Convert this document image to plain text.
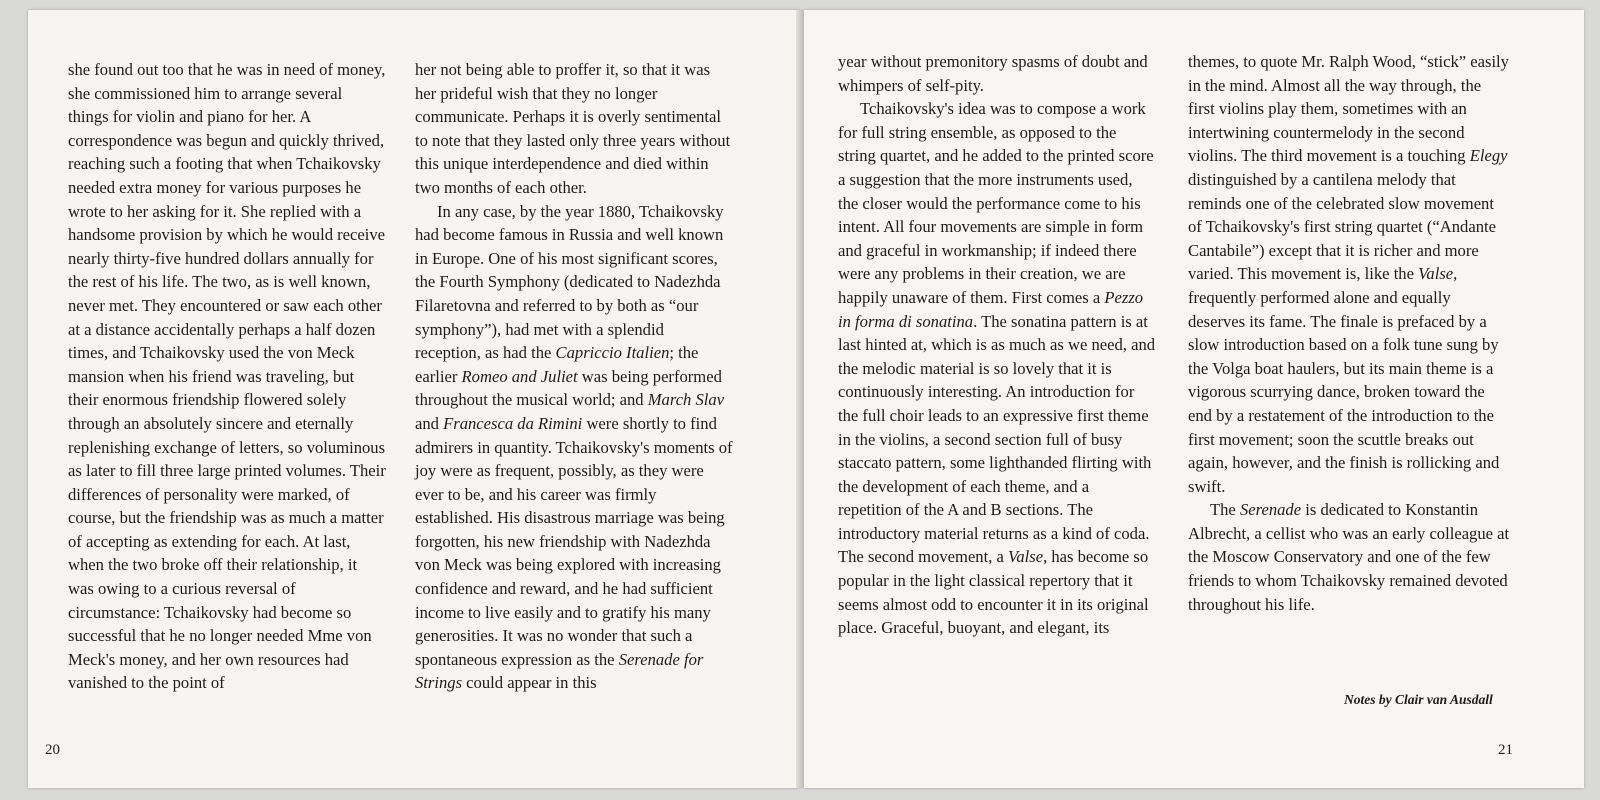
she found out too that he was in need of money, she commissioned him to arrange several things for violin and piano for her. A correspondence was begun and quickly thrived, reaching such a footing that when Tchaikovsky needed extra money for various purposes he wrote to her asking for it. She replied with a handsome provision by which he would receive nearly thirty-five hundred dollars annually for the rest of his life. The two, as is well known, never met. They encountered or saw each other at a distance accidentally perhaps a half dozen times, and Tchaikovsky used the von Meck mansion when his friend was traveling, but their enormous friendship flowered solely through an absolutely sincere and eternally replenishing exchange of letters, so voluminous as later to fill three large printed volumes. Their differences of personality were marked, of course, but the friendship was as much a matter of accepting as extending for each. At last, when the two broke off their relationship, it was owing to a curious reversal of circumstance: Tchaikovsky had become so successful that he no longer needed Mme von Meck's money, and her own resources had vanished to the point of

her not being able to proffer it, so that it was her prideful wish that they no longer communicate. Perhaps it is overly sentimental to note that they lasted only three years without this unique interdependence and died within two months of each other.

In any case, by the year 1880, Tchaikovsky had become famous in Russia and well known in Europe. One of his most significant scores, the Fourth Symphony (dedicated to Nadezhda Filaretovna and referred to by both as “our symphony”), had met with a splendid reception, as had the Capriccio Italien; the earlier Romeo and Juliet was being performed throughout the musical world; and March Slav and Francesca da Rimini were shortly to find admirers in quantity. Tchaikovsky's moments of joy were as frequent, possibly, as they were ever to be, and his career was firmly established. His disastrous marriage was being forgotten, his new friendship with Nadezhda von Meck was being explored with increasing confidence and reward, and he had sufficient income to live easily and to gratify his many generosities. It was no wonder that such a spontaneous expression as the Serenade for Strings could appear in this

20

year without premonitory spasms of doubt and whimpers of self-pity.

Tchaikovsky's idea was to compose a work for full string ensemble, as opposed to the string quartet, and he added to the printed score a suggestion that the more instruments used, the closer would the performance come to his intent. All four movements are simple in form and graceful in workmanship; if indeed there were any problems in their creation, we are happily unaware of them. First comes a Pezzo in forma di sonatina. The sonatina pattern is at last hinted at, which is as much as we need, and the melodic material is so lovely that it is continuously interesting. An introduction for the full choir leads to an expressive first theme in the violins, a second section full of busy staccato pattern, some lighthanded flirting with the development of each theme, and a repetition of the A and B sections. The introductory material returns as a kind of coda. The second movement, a Valse, has become so popular in the light classical repertory that it seems almost odd to encounter it in its original place. Graceful, buoyant, and elegant, its

themes, to quote Mr. Ralph Wood, “stick” easily in the mind. Almost all the way through, the first violins play them, sometimes with an intertwining countermelody in the second violins. The third movement is a touching Elegy distinguished by a cantilena melody that reminds one of the celebrated slow movement of Tchaikovsky's first string quartet (“Andante Cantabile”) except that it is richer and more varied. This movement is, like the Valse, frequently performed alone and equally deserves its fame. The finale is prefaced by a slow introduction based on a folk tune sung by the Volga boat haulers, but its main theme is a vigorous scurrying dance, broken toward the end by a restatement of the introduction to the first movement; soon the scuttle breaks out again, however, and the finish is rollicking and swift.

The Serenade is dedicated to Konstantin Albrecht, a cellist who was an early colleague at the Moscow Conservatory and one of the few friends to whom Tchaikovsky remained devoted throughout his life.

Notes by Clair van Ausdall
21
